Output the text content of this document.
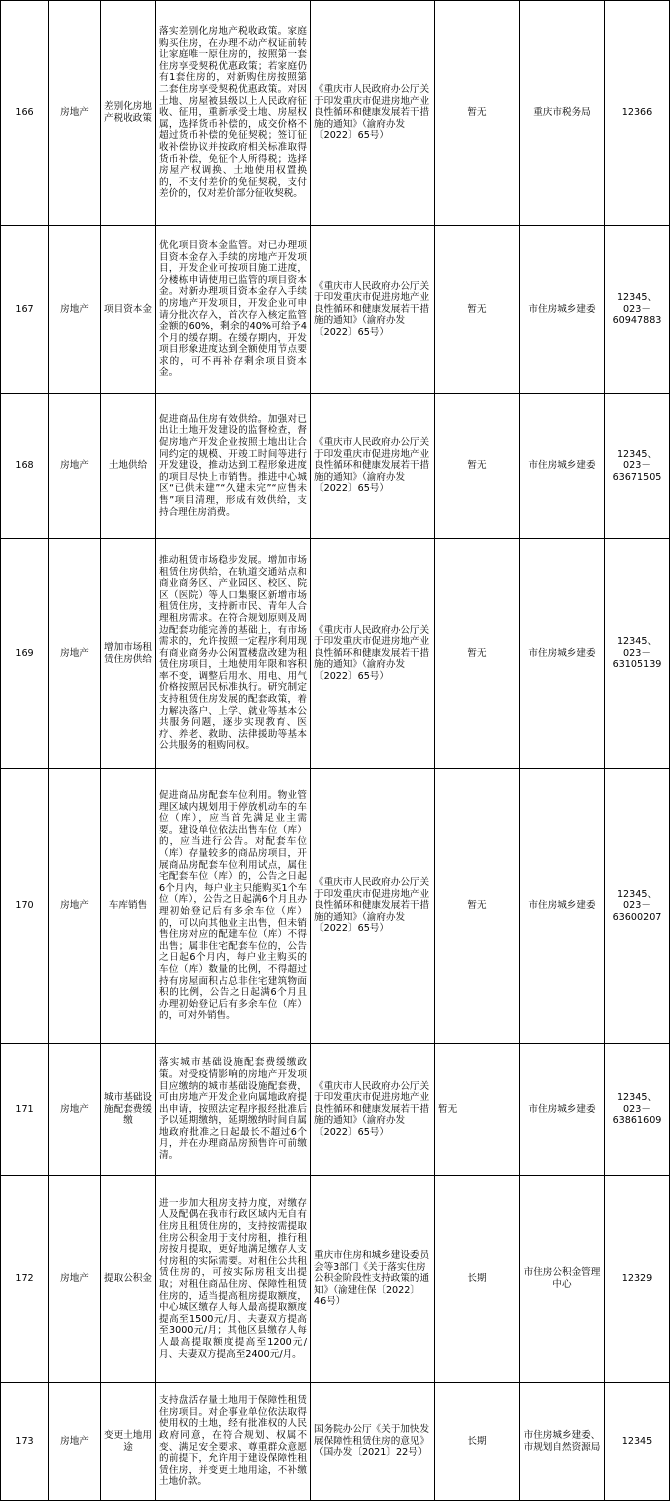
166	房地产	差别化房地产税收政策	落实差别化房地产税收政策。家庭购买住房，在办理不动产权证前转让家庭唯一原住房的，按照第一套住房享受契税优惠政策；若家庭仍有1套住房的，对新购住房按照第二套住房享受契税优惠政策。对因土地、房屋被县级以上人民政府征收、征用，重新承受土地、房屋权属，选择货币补偿的，成交价格不超过货币补偿的免征契税；签订征收补偿协议并按政府相关标准取得货币补偿，免征个人所得税；选择房屋产权调换、土地使用权置换的，不支付差价的免征契税，支付差价的，仅对差价部分征收契税。	《重庆市人民政府办公厅关于印发重庆市促进房地产业良性循环和健康发展若干措施的通知》（渝府办发〔2022〕65号）	暂无	重庆市税务局	12366
167	房地产	项目资本金	优化项目资本金监管。对已办理项目资本金存入手续的房地产开发项目，开发企业可按项目施工进度，分楼栋申请使用已监管的项目资本金。对新办理项目资本金存入手续的房地产开发项目，开发企业可申请分批次存入，首次存入核定监管金额的60%，剩余的40%可给予4个月的缓存期。在缓存期内，开发项目形象进度达到全额使用节点要求的，可不再补存剩余项目资本金。	《重庆市人民政府办公厅关于印发重庆市促进房地产业良性循环和健康发展若干措施的通知》（渝府办发〔2022〕65号）	暂无	市住房城乡建委	12345、023－60947883
168	房地产	土地供给	促进商品住房有效供给。加强对已出让土地开发建设的监督检查，督促房地产开发企业按照土地出让合同约定的规模、开竣工时间等进行开发建设，推动达到工程形象进度的项目尽快上市销售。推进中心城区“已供未建”“久建未完”“应售未售”项目清理，形成有效供给，支持合理住房消费。	《重庆市人民政府办公厅关于印发重庆市促进房地产业良性循环和健康发展若干措施的通知》（渝府办发〔2022〕65号）	暂无	市住房城乡建委	12345、023－63671505
169	房地产	增加市场租赁住房供给	推动租赁市场稳步发展。增加市场租赁住房供给，在轨道交通站点和商业商务区、产业园区、校区、院区（医院）等人口集聚区新增市场租赁住房，支持新市民、青年人合理租房需求。在符合规划原则及周边配套功能完善的基础上，有市场需求的，允许按照一定程序利用现有商业商务办公闲置楼盘改建为租赁住房项目，土地使用年限和容积率不变，调整后用水、用电、用气价格按照居民标准执行。研究制定支持租赁住房发展的配套政策，着力解决落户、上学、就业等基本公共服务问题，逐步实现教育、医疗、养老、救助、法律援助等基本公共服务的租购同权。	《重庆市人民政府办公厅关于印发重庆市促进房地产业良性循环和健康发展若干措施的通知》（渝府办发〔2022〕65号）	暂无	市住房城乡建委	12345、023－63105139
170	房地产	车库销售	促进商品房配套车位利用。物业管理区域内规划用于停放机动车的车位（库），应当首先满足业主需要。建设单位依法出售车位（库）的，应当进行公告。对配套车位（库）存量较多的商品房项目，开展商品房配套车位利用试点，属住宅配套车位（库）的，公告之日起6个月内，每户业主只能购买1个车位（库），公告之日起满6个月且办理初始登记后有多余车位（库）的，可以向其他业主出售，但未销售住房对应的配建车位（库）不得出售；属非住宅配套车位的，公告之日起6个月内，每户业主购买的车位（库）数量的比例，不得超过持有房屋面积占总非住宅建筑物面积的比例，公告之日起满6个月且办理初始登记后有多余车位（库）的，可对外销售。	《重庆市人民政府办公厅关于印发重庆市促进房地产业良性循环和健康发展若干措施的通知》（渝府办发〔2022〕65号）	暂无	市住房城乡建委	12345、023－63600207
171	房地产	城市基础设施配套费缓缴	落实城市基础设施配套费缓缴政策。对受疫情影响的房地产开发项目应缴纳的城市基础设施配套费，可由房地产开发企业向属地政府提出申请，按照法定程序报经批准后予以延期缴纳，延期缴纳时间自属地政府批准之日起最长不超过6个月，并在办理商品房预售许可前缴清。	《重庆市人民政府办公厅关于印发重庆市促进房地产业良性循环和健康发展若干措施的通知》（渝府办发〔2022〕65号）	暂无	市住房城乡建委	12345、023－63861609
172	房地产	提取公积金	进一步加大租房支持力度，对缴存人及配偶在我市行政区域内无自有住房且租赁住房的，支持按需提取住房公积金用于支付房租，推行租房按月提取，更好地满足缴存人支付房租的实际需要。对租住公共租赁住房的，可按实际房租支出提取；对租住商品住房、保障性租赁住房的，适当提高租房提取额度，中心城区缴存人每人最高提取额度提高至1500元/月、夫妻双方提高至3000元/月；其他区县缴存人每人最高提取额度提高至1200元/月、夫妻双方提高至2400元/月。	重庆市住房和城乡建设委员会等3部门《关于落实住房公积金阶段性支持政策的通知》（渝建住保〔2022〕46号）	长期	市住房公积金管理中心	12329
173	房地产	变更土地用途	支持盘活存量土地用于保障性租赁住房项目。对企事业单位依法取得使用权的土地，经有批准权的人民政府同意，在符合规划、权属不变、满足安全要求、尊重群众意愿的前提下，允许用于建设保障性租赁住房，并变更土地用途，不补缴土地价款。	国务院办公厅《关于加快发展保障性租赁住房的意见》（国办发〔2021〕22号）	长期	市住房城乡建委、市规划自然资源局	12345
